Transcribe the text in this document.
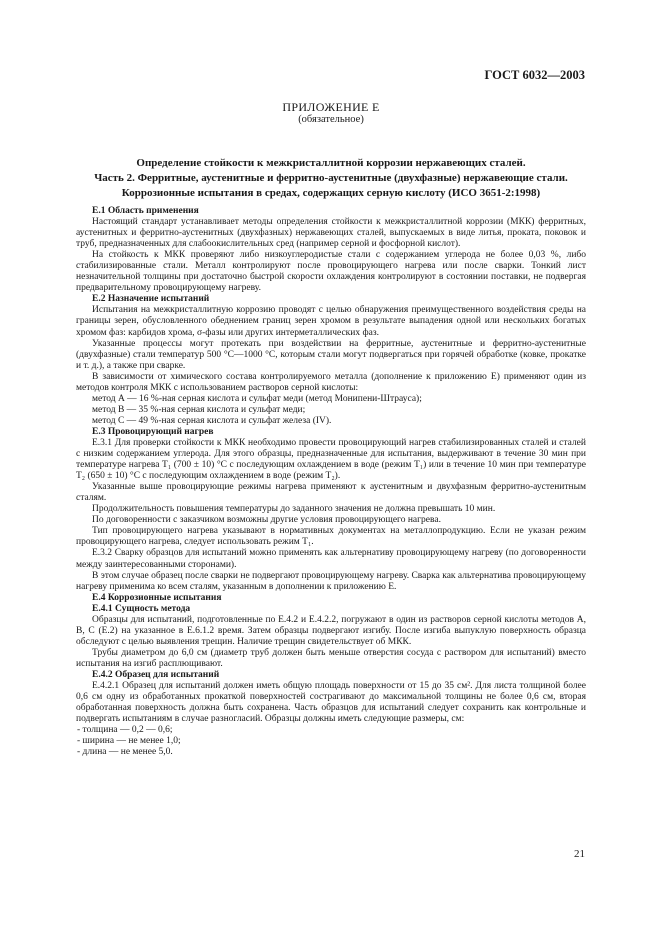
ГОСТ 6032—2003
ПРИЛОЖЕНИЕ Е
(обязательное)
Определение стойкости к межкристаллитной коррозии нержавеющих сталей.
Часть 2. Ферритные, аустенитные и ферритно-аустенитные (двухфазные) нержавеющие стали.
Коррозионные испытания в средах, содержащих серную кислоту (ИСО 3651-2:1998)

Е.1 Область применения

Настоящий стандарт устанавливает методы определения стойкости к межкристаллитной коррозии (МКК) ферритных, аустенитных и ферритно-аустенитных (двухфазных) нержавеющих сталей, выпускаемых в виде литья, проката, поковок и труб, предназначенных для слабоокислительных сред (например серной и фосфорной кислот).

На стойкость к МКК проверяют либо низкоуглеродистые стали с содержанием углерода не более 0,03 %, либо стабилизированные стали. Металл контролируют после провоцирующего нагрева или после сварки. Тонкий лист незначительной толщины при достаточно быстрой скорости охлаждения контролируют в состоянии поставки, не подвергая предварительному провоцирующему нагреву.

Е.2 Назначение испытаний

Испытания на межкристаллитную коррозию проводят с целью обнаружения преимущественного воздействия среды на границы зерен, обусловленного обеднением границ зерен хромом в результате выпадения одной или нескольких богатых хромом фаз: карбидов хрома, σ-фазы или других интерметаллических фаз.

Указанные процессы могут протекать при воздействии на ферритные, аустенитные и ферритно-аустенитные (двухфазные) стали температур 500 °С—1000 °С, которым стали могут подвергаться при горячей обработке (ковке, прокатке и т. д.), а также при сварке.

В зависимости от химического состава контролируемого металла (дополнение к приложению Е) применяют один из методов контроля МКК с использованием растворов серной кислоты:

метод А — 16 %-ная серная кислота и сульфат меди (метод Монипени-Штрауса);

метод В — 35 %-ная серная кислота и сульфат меди;

метод С — 49 %-ная серная кислота и сульфат железа (IV).

Е.3 Провоцирующий нагрев

Е.3.1 Для проверки стойкости к МКК необходимо провести провоцирующий нагрев стабилизированных сталей и сталей с низким содержанием углерода. Для этого образцы, предназначенные для испытания, выдерживают в течение 30 мин при температуре нагрева T₁ (700 ± 10) °С с последующим охлаждением в воде (режим T₁) или в течение 10 мин при температуре T₂ (650 ± 10) °С с последующим охлаждением в воде (режим T₂).

Указанные выше провоцирующие режимы нагрева применяют к аустенитным и двухфазным ферритно-аустенитным сталям.

Продолжительность повышения температуры до заданного значения не должна превышать 10 мин.

По договоренности с заказчиком возможны другие условия провоцирующего нагрева.

Тип провоцирующего нагрева указывают в нормативных документах на металлопродукцию. Если не указан режим провоцирующего нагрева, следует использовать режим T₁.

Е.3.2 Сварку образцов для испытаний можно применять как альтернативу провоцирующему нагреву (по договоренности между заинтересованными сторонами).

В этом случае образец после сварки не подвергают провоцирующему нагреву. Сварка как альтернатива провоцирующему нагреву применима ко всем сталям, указанным в дополнении к приложению Е.

Е.4 Коррозионные испытания

Е.4.1 Сущность метода

Образцы для испытаний, подготовленные по Е.4.2 и Е.4.2.2, погружают в один из растворов серной кислоты методов А, В, С (Е.2) на указанное в Е.6.1.2 время. Затем образцы подвергают изгибу. После изгиба выпуклую поверхность образца обследуют с целью выявления трещин. Наличие трещин свидетельствует об МКК.

Трубы диаметром до 6,0 см (диаметр труб должен быть меньше отверстия сосуда с раствором для испытаний) вместо испытания на изгиб расплющивают.

Е.4.2 Образец для испытаний

Е.4.2.1 Образец для испытаний должен иметь общую площадь поверхности от 15 до 35 см². Для листа толщиной более 0,6 см одну из обработанных прокаткой поверхностей сострагивают до максимальной толщины не более 0,6 см, вторая обработанная поверхность должна быть сохранена. Часть образцов для испытаний следует сохранить как контрольные и подвергать испытаниям в случае разногласий. Образцы должны иметь следующие размеры, см:

- толщина — 0,2 — 0,6;

- ширина — не менее 1,0;

- длина — не менее 5,0.

21
